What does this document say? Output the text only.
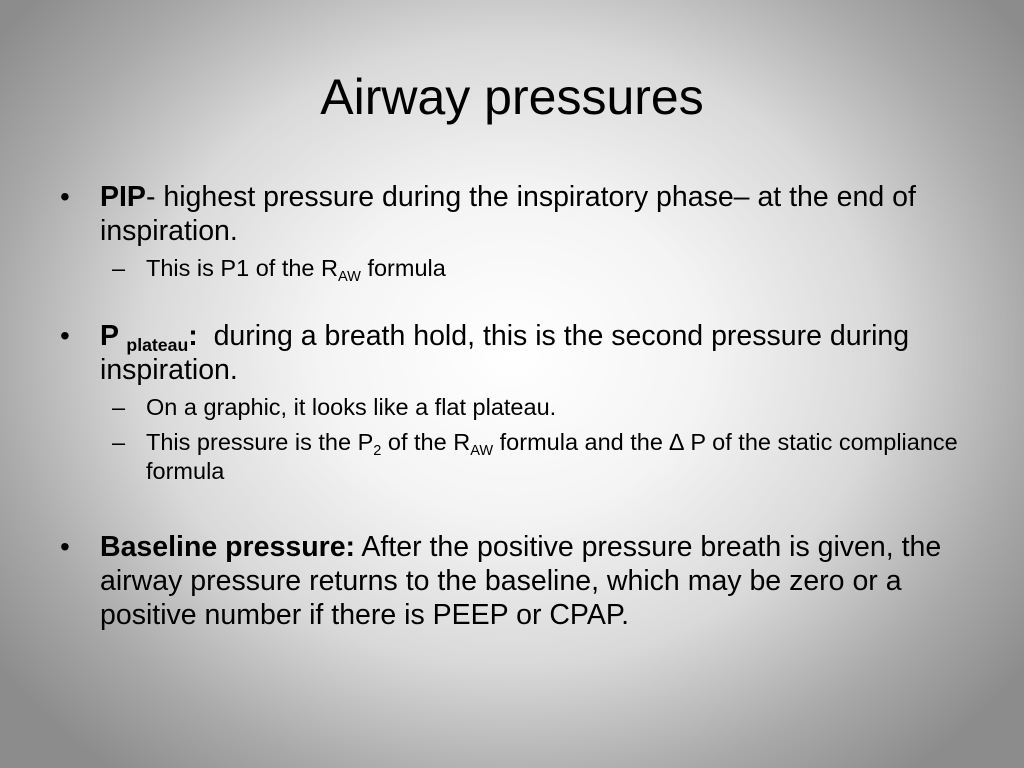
Airway pressures
• PIP- highest pressure during the inspiratory phase– at the end of inspiration.
– This is P1 of the $R_{AW}$ formula
• P $_{plateau}$:  during a breath hold, this is the second pressure during inspiration.
– On a graphic, it looks like a flat plateau.
– This pressure is the $P_2$ of the $R_{AW}$ formula and the ∆ P of the static compliance formula
• Baseline pressure: After the positive pressure breath is given, the airway pressure returns to the baseline, which may be zero or a positive number if there is PEEP or CPAP.
